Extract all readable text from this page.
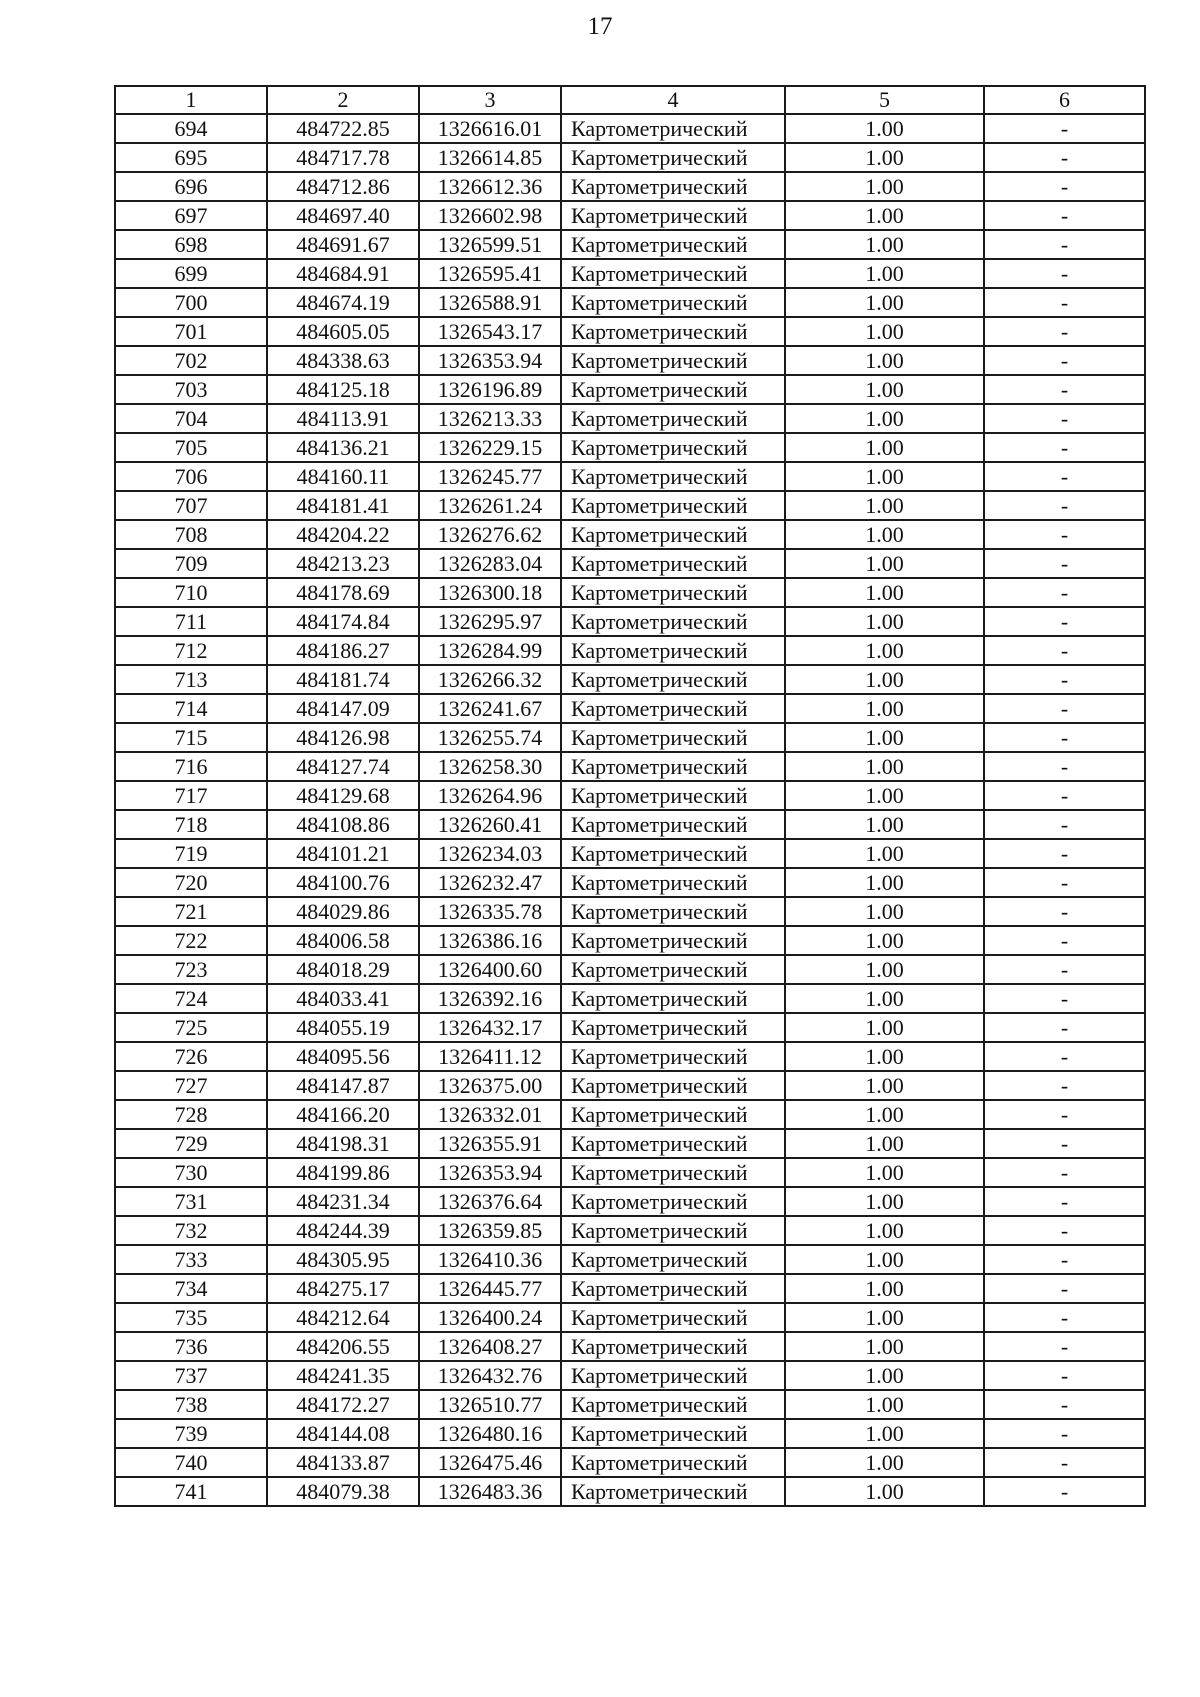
17
1	2	3	4	5	6
694	484722.85	1326616.01	Картометрический	1.00	-
695	484717.78	1326614.85	Картометрический	1.00	-
696	484712.86	1326612.36	Картометрический	1.00	-
697	484697.40	1326602.98	Картометрический	1.00	-
698	484691.67	1326599.51	Картометрический	1.00	-
699	484684.91	1326595.41	Картометрический	1.00	-
700	484674.19	1326588.91	Картометрический	1.00	-
701	484605.05	1326543.17	Картометрический	1.00	-
702	484338.63	1326353.94	Картометрический	1.00	-
703	484125.18	1326196.89	Картометрический	1.00	-
704	484113.91	1326213.33	Картометрический	1.00	-
705	484136.21	1326229.15	Картометрический	1.00	-
706	484160.11	1326245.77	Картометрический	1.00	-
707	484181.41	1326261.24	Картометрический	1.00	-
708	484204.22	1326276.62	Картометрический	1.00	-
709	484213.23	1326283.04	Картометрический	1.00	-
710	484178.69	1326300.18	Картометрический	1.00	-
711	484174.84	1326295.97	Картометрический	1.00	-
712	484186.27	1326284.99	Картометрический	1.00	-
713	484181.74	1326266.32	Картометрический	1.00	-
714	484147.09	1326241.67	Картометрический	1.00	-
715	484126.98	1326255.74	Картометрический	1.00	-
716	484127.74	1326258.30	Картометрический	1.00	-
717	484129.68	1326264.96	Картометрический	1.00	-
718	484108.86	1326260.41	Картометрический	1.00	-
719	484101.21	1326234.03	Картометрический	1.00	-
720	484100.76	1326232.47	Картометрический	1.00	-
721	484029.86	1326335.78	Картометрический	1.00	-
722	484006.58	1326386.16	Картометрический	1.00	-
723	484018.29	1326400.60	Картометрический	1.00	-
724	484033.41	1326392.16	Картометрический	1.00	-
725	484055.19	1326432.17	Картометрический	1.00	-
726	484095.56	1326411.12	Картометрический	1.00	-
727	484147.87	1326375.00	Картометрический	1.00	-
728	484166.20	1326332.01	Картометрический	1.00	-
729	484198.31	1326355.91	Картометрический	1.00	-
730	484199.86	1326353.94	Картометрический	1.00	-
731	484231.34	1326376.64	Картометрический	1.00	-
732	484244.39	1326359.85	Картометрический	1.00	-
733	484305.95	1326410.36	Картометрический	1.00	-
734	484275.17	1326445.77	Картометрический	1.00	-
735	484212.64	1326400.24	Картометрический	1.00	-
736	484206.55	1326408.27	Картометрический	1.00	-
737	484241.35	1326432.76	Картометрический	1.00	-
738	484172.27	1326510.77	Картометрический	1.00	-
739	484144.08	1326480.16	Картометрический	1.00	-
740	484133.87	1326475.46	Картометрический	1.00	-
741	484079.38	1326483.36	Картометрический	1.00	-
